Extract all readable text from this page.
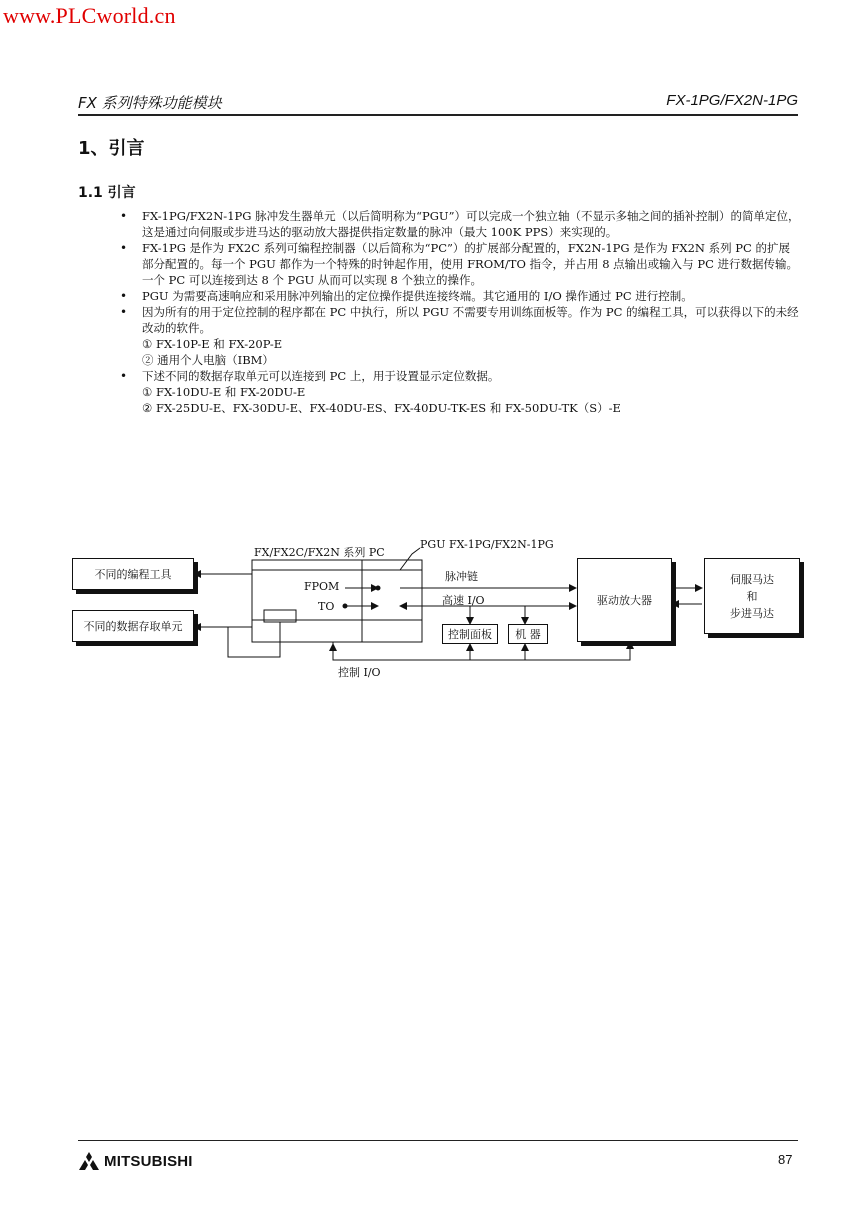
www.PLCworld.cn
FX 系列特殊功能模块	FX-1PG/FX2N-1PG
1、引言
1.1 引言
• FX-1PG/FX2N-1PG 脉冲发生器单元（以后简明称为“PGU”）可以完成一个独立轴（不显示多轴之间的插补控制）的简单定位，这是通过向伺服或步进马达的驱动放大器提供指定数量的脉冲（最大 100K PPS）来实现的。
• FX-1PG 是作为 FX2C 系列可编程控制器（以后简称为“PC”）的扩展部分配置的，FX2N-1PG 是作为 FX2N 系列 PC 的扩展部分配置的。每一个 PGU 都作为一个特殊的时钟起作用，使用 FROM/TO 指令，并占用 8 点输出或输入与 PC 进行数据传输。一个 PC 可以连接到达 8 个 PGU 从而可以实现 8 个独立的操作。
• PGU 为需要高速响应和采用脉冲列输出的定位操作提供连接终端。其它通用的 I/O 操作通过 PC 进行控制。
• 因为所有的用于定位控制的程序都在 PC 中执行，所以 PGU 不需要专用训练面板等。作为 PC 的编程工具，可以获得以下的未经改动的软件。
① FX-10P-E 和 FX-20P-E
② 通用个人电脑（IBM）
• 下述不同的数据存取单元可以连接到 PC 上，用于设置显示定位数据。
① FX-10DU-E 和 FX-20DU-E
② FX-25DU-E、FX-30DU-E、FX-40DU-ES、FX-40DU-TK-ES 和 FX-50DU-TK（S）-E
不同的编程工具
不同的数据存取单元
FX/FX2C/FX2N 系列 PC
PGU FX-1PG/FX2N-1PG
FPOM
TO
脉冲链
高速 I/O
控制面板 机 器
驱动放大器
伺服马达
和
步进马达
控制 I/O
MITSUBISHI	87
